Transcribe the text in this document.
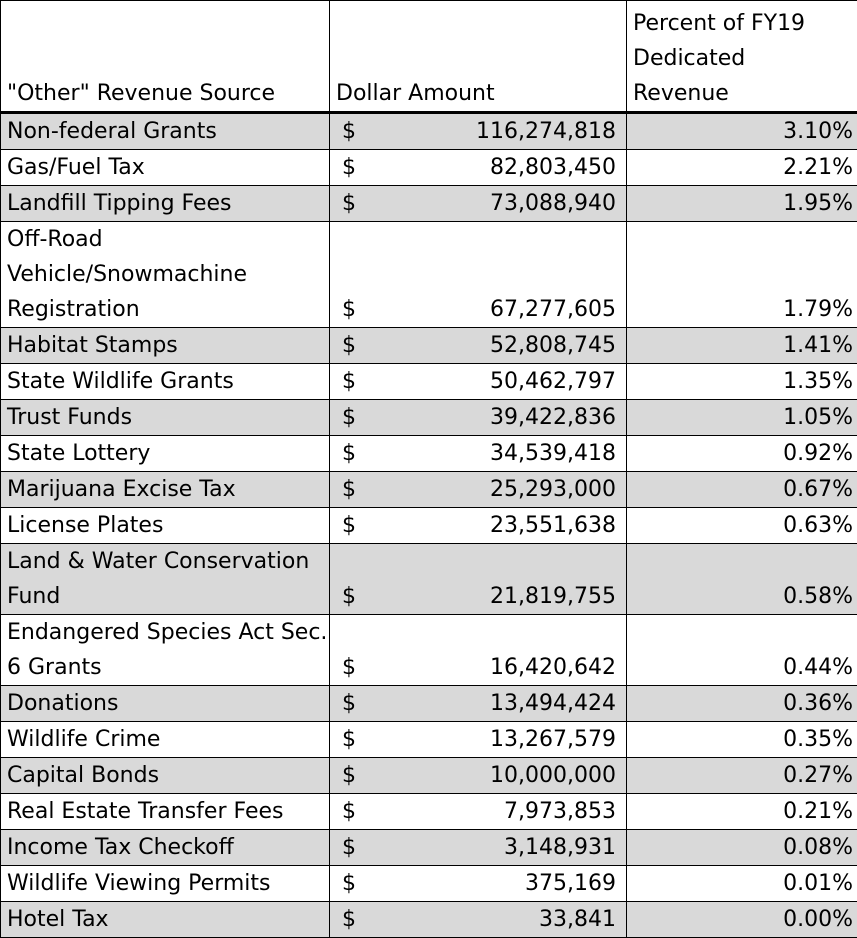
"Other" Revenue Source	Dollar Amount	Percent of FY19 Dedicated Revenue

Non-federal Grants	$ 116,274,818	3.10%
Gas/Fuel Tax	$ 82,803,450	2.21%
Landfill Tipping Fees	$ 73,088,940	1.95%
Off-Road Vehicle/Snowmachine Registration	$ 67,277,605	1.79%
Habitat Stamps	$ 52,808,745	1.41%
State Wildlife Grants	$ 50,462,797	1.35%
Trust Funds	$ 39,422,836	1.05%
State Lottery	$ 34,539,418	0.92%
Marijuana Excise Tax	$ 25,293,000	0.67%
License Plates	$ 23,551,638	0.63%
Land & Water Conservation Fund	$ 21,819,755	0.58%
Endangered Species Act Sec. 6 Grants	$ 16,420,642	0.44%
Donations	$ 13,494,424	0.36%
Wildlife Crime	$ 13,267,579	0.35%
Capital Bonds	$ 10,000,000	0.27%
Real Estate Transfer Fees	$ 7,973,853	0.21%
Income Tax Checkoff	$ 3,148,931	0.08%
Wildlife Viewing Permits	$ 375,169	0.01%
Hotel Tax	$ 33,841	0.00%
